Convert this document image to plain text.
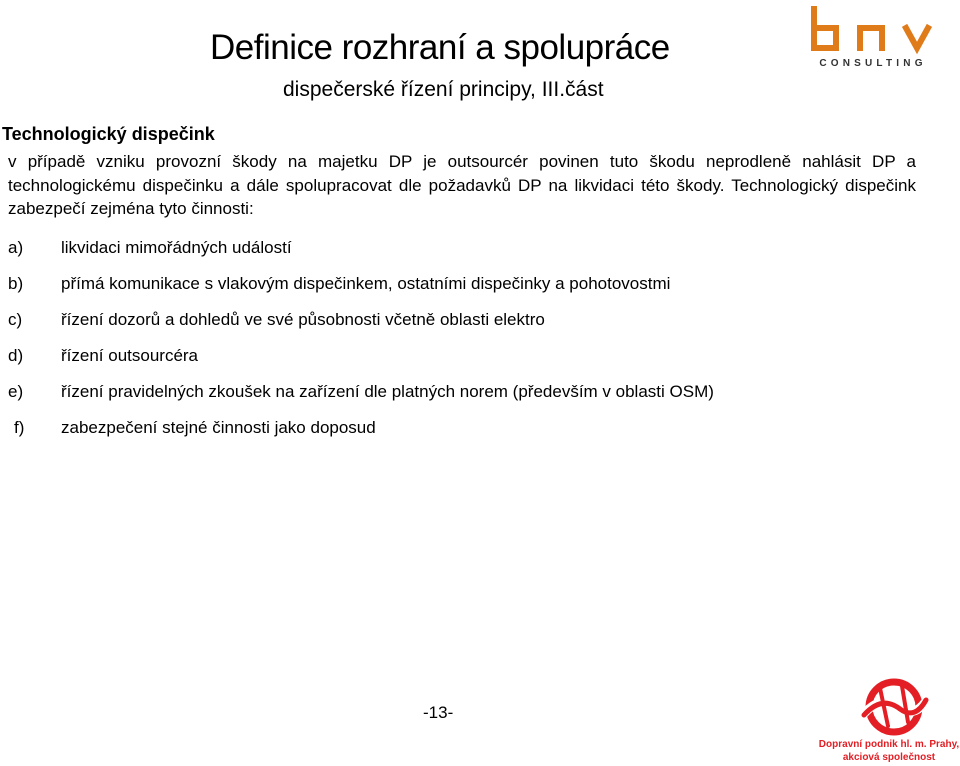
Definice rozhraní a spolupráce
dispečerské řízení principy, III.část
CONSULTING
Technologický dispečink
v případě vzniku provozní škody na majetku DP je outsourcér povinen tuto škodu neprodleně nahlásit DP a technologickému dispečinku a dále spolupracovat dle požadavků DP na likvidaci této škody. Technologický dispečink zabezpečí zejména tyto činnosti:
a)	likvidaci mimořádných událostí
b)	přímá komunikace s vlakovým dispečinkem, ostatními dispečinky a pohotovostmi
c)	řízení dozorů a dohledů ve své působnosti včetně oblasti elektro
d)	řízení outsourcéra
e)	řízení pravidelných zkoušek na zařízení dle platných norem (především v oblasti OSM)
f)	zabezpečení stejné činnosti jako doposud
-13-
Dopravní podnik hl. m. Prahy,
akciová společnost
